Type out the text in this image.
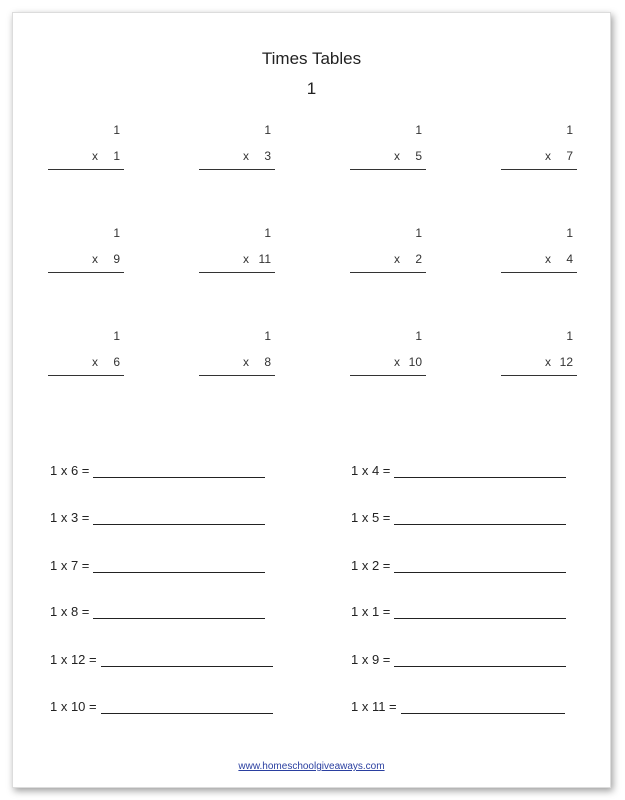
Times Tables
1
1
x 1
1
x 3
1
x 5
1
x 7
1
x 9
1
x 11
1
x 2
1
x 4
1
x 6
1
x 8
1
x 10
1
x 12
1 x 6 =	1 x 4 =
1 x 3 =	1 x 5 =
1 x 7 =	1 x 2 =
1 x 8 =	1 x 1 =
1 x 12 =	1 x 9 =
1 x 10 =	1 x 11 =
www.homeschoolgiveaways.com
